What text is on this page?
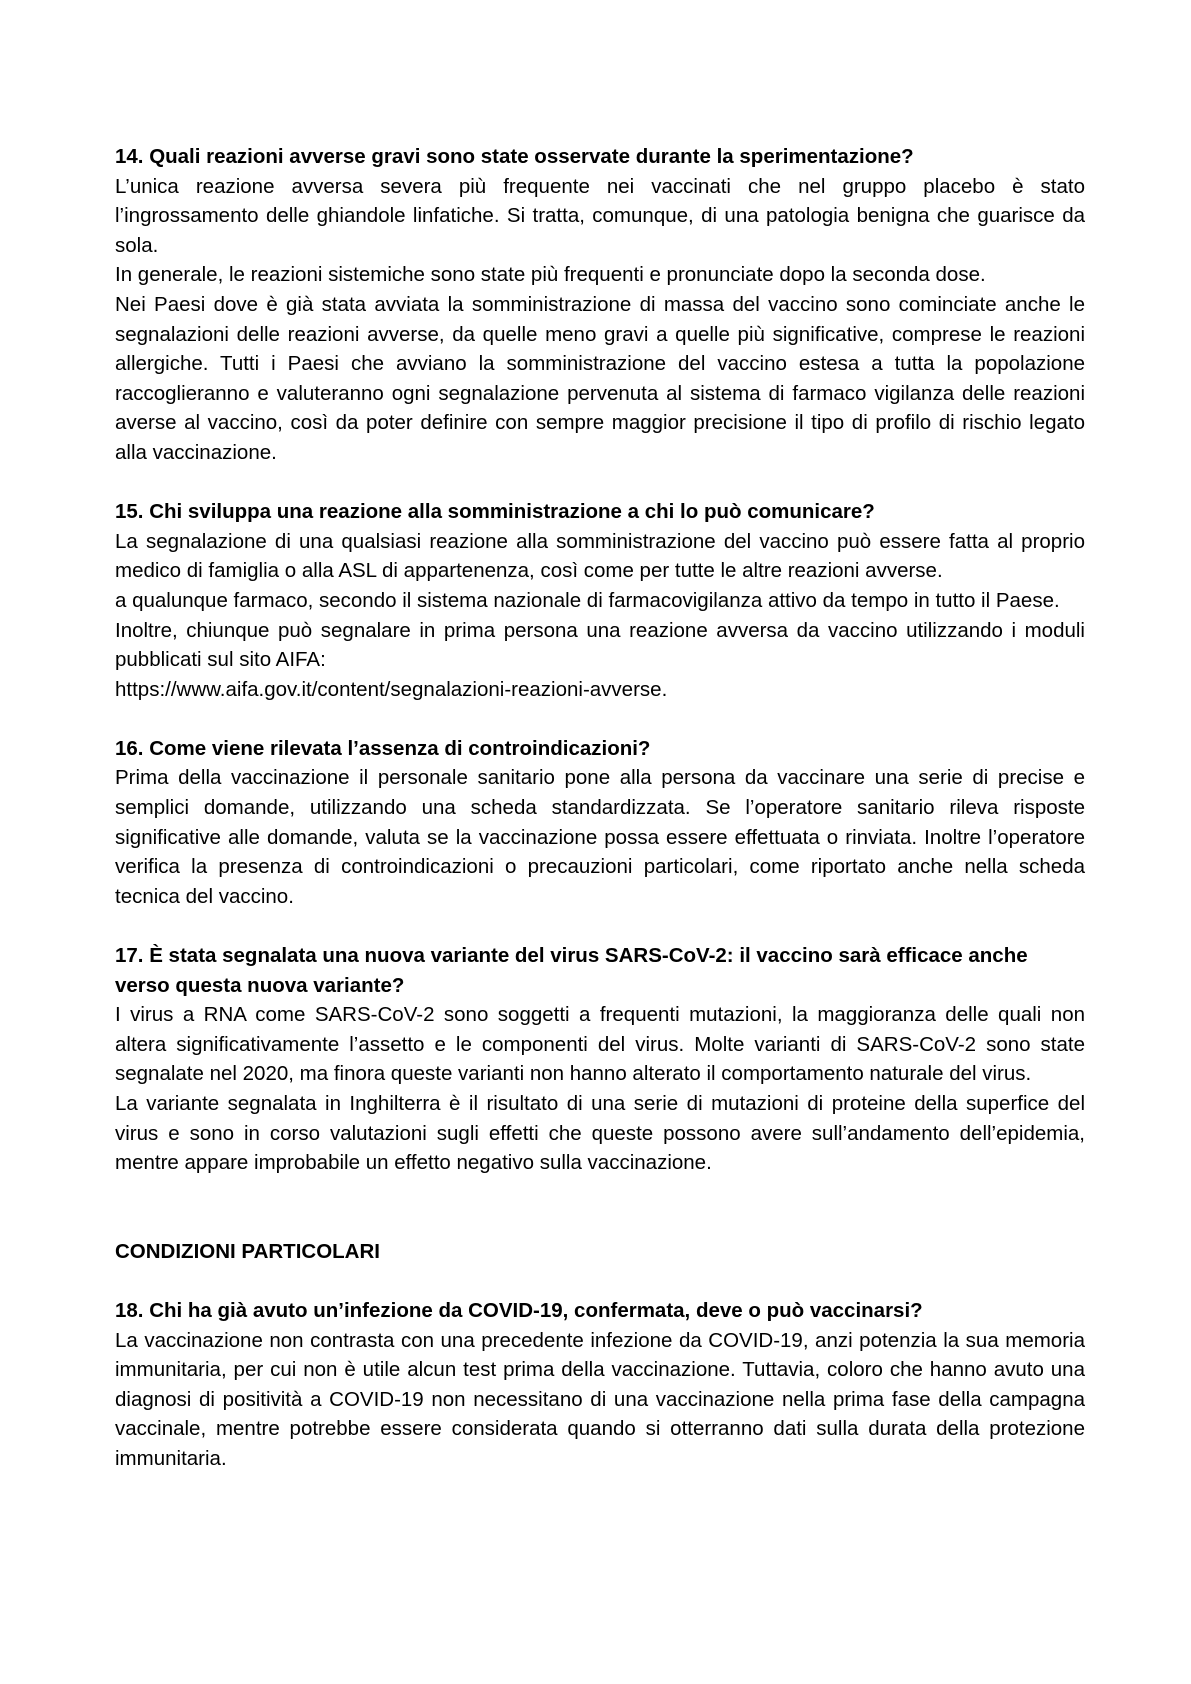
14. Quali reazioni avverse gravi sono state osservate durante la sperimentazione?

L’unica reazione avversa severa più frequente nei vaccinati che nel gruppo placebo è stato l’ingrossamento delle ghiandole linfatiche. Si tratta, comunque, di una patologia benigna che guarisce da sola.

In generale, le reazioni sistemiche sono state più frequenti e pronunciate dopo la seconda dose.

Nei Paesi dove è già stata avviata la somministrazione di massa del vaccino sono cominciate anche le segnalazioni delle reazioni avverse, da quelle meno gravi a quelle più significative, comprese le reazioni allergiche. Tutti i Paesi che avviano la somministrazione del vaccino estesa a tutta la popolazione raccoglieranno e valuteranno ogni segnalazione pervenuta al sistema di farmaco vigilanza delle reazioni averse al vaccino, così da poter definire con sempre maggior precisione il tipo di profilo di rischio legato alla vaccinazione.

15. Chi sviluppa una reazione alla somministrazione a chi lo può comunicare?

La segnalazione di una qualsiasi reazione alla somministrazione del vaccino può essere fatta al proprio medico di famiglia o alla ASL di appartenenza, così come per tutte le altre reazioni avverse.

a qualunque farmaco, secondo il sistema nazionale di farmacovigilanza attivo da tempo in tutto il Paese.

Inoltre, chiunque può segnalare in prima persona una reazione avversa da vaccino utilizzando i moduli pubblicati sul sito AIFA:

https://www.aifa.gov.it/content/segnalazioni-reazioni-avverse.

16. Come viene rilevata l’assenza di controindicazioni?

Prima della vaccinazione il personale sanitario pone alla persona da vaccinare una serie di precise e semplici domande, utilizzando una scheda standardizzata. Se l’operatore sanitario rileva risposte significative alle domande, valuta se la vaccinazione possa essere effettuata o rinviata. Inoltre l’operatore verifica la presenza di controindicazioni o precauzioni particolari, come riportato anche nella scheda tecnica del vaccino.

17. È stata segnalata una nuova variante del virus SARS-CoV-2: il vaccino sarà efficace anche verso questa nuova variante?

I virus a RNA come SARS-CoV-2 sono soggetti a frequenti mutazioni, la maggioranza delle quali non altera significativamente l’assetto e le componenti del virus. Molte varianti di SARS-CoV-2 sono state segnalate nel 2020, ma finora queste varianti non hanno alterato il comportamento naturale del virus.

La variante segnalata in Inghilterra è il risultato di una serie di mutazioni di proteine della superfice del virus e sono in corso valutazioni sugli effetti che queste possono avere sull’andamento dell’epidemia, mentre appare improbabile un effetto negativo sulla vaccinazione.

CONDIZIONI PARTICOLARI

18. Chi ha già avuto un’infezione da COVID-19, confermata, deve o può vaccinarsi?

La vaccinazione non contrasta con una precedente infezione da COVID-19, anzi potenzia la sua memoria immunitaria, per cui non è utile alcun test prima della vaccinazione. Tuttavia, coloro che hanno avuto una diagnosi di positività a COVID-19 non necessitano di una vaccinazione nella prima fase della campagna vaccinale, mentre potrebbe essere considerata quando si otterranno dati sulla durata della protezione immunitaria.
